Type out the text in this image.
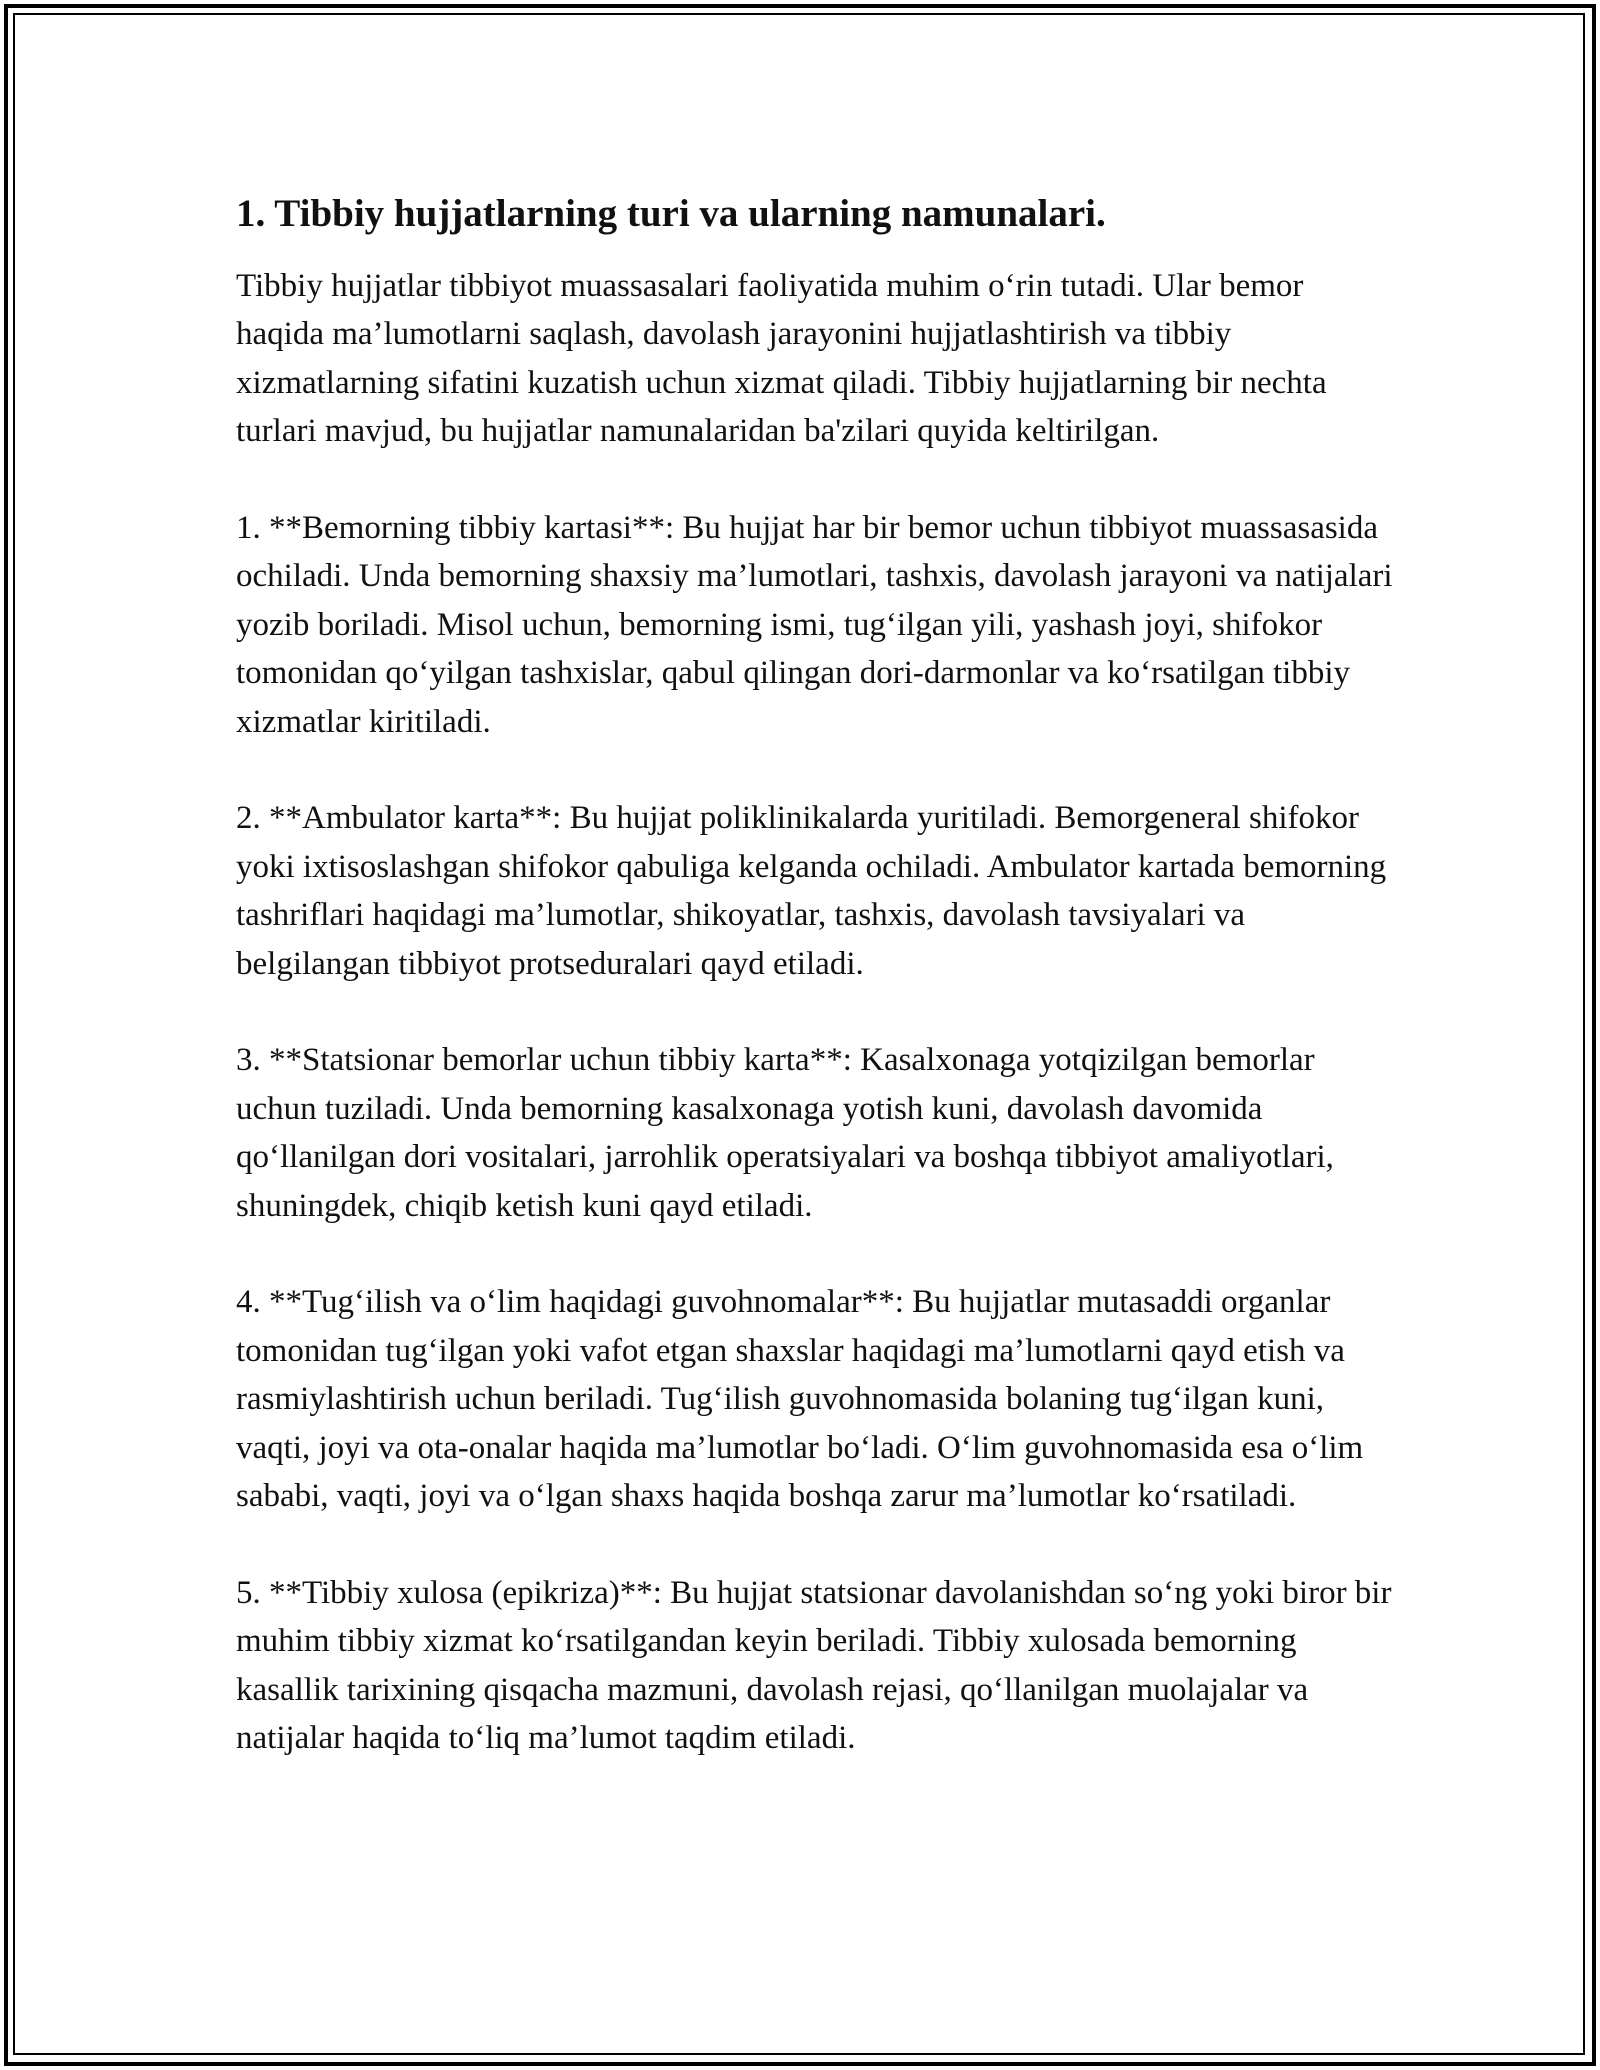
1. Tibbiy hujjatlarning turi va ularning namunalari.

Tibbiy hujjatlar tibbiyot muassasalari faoliyatida muhim o‘rin tutadi. Ular bemor haqida ma’lumotlarni saqlash, davolash jarayonini hujjatlashtirish va tibbiy xizmatlarning sifatini kuzatish uchun xizmat qiladi. Tibbiy hujjatlarning bir nechta turlari mavjud, bu hujjatlar namunalaridan ba'zilari quyida keltirilgan.

1. **Bemorning tibbiy kartasi**: Bu hujjat har bir bemor uchun tibbiyot muassasasida ochiladi. Unda bemorning shaxsiy ma’lumotlari, tashxis, davolash jarayoni va natijalari yozib boriladi. Misol uchun, bemorning ismi, tug‘ilgan yili, yashash joyi, shifokor tomonidan qo‘yilgan tashxislar, qabul qilingan dori-darmonlar va ko‘rsatilgan tibbiy xizmatlar kiritiladi.

2. **Ambulator karta**: Bu hujjat poliklinikalarda yuritiladi. Bemorgeneral shifokor yoki ixtisoslashgan shifokor qabuliga kelganda ochiladi. Ambulator kartada bemorning tashriflari haqidagi ma’lumotlar, shikoyatlar, tashxis, davolash tavsiyalari va belgilangan tibbiyot protseduralari qayd etiladi.

3. **Statsionar bemorlar uchun tibbiy karta**: Kasalxonaga yotqizilgan bemorlar uchun tuziladi. Unda bemorning kasalxonaga yotish kuni, davolash davomida qo‘llanilgan dori vositalari, jarrohlik operatsiyalari va boshqa tibbiyot amaliyotlari, shuningdek, chiqib ketish kuni qayd etiladi.

4. **Tug‘ilish va o‘lim haqidagi guvohnomalar**: Bu hujjatlar mutasaddi organlar tomonidan tug‘ilgan yoki vafot etgan shaxslar haqidagi ma’lumotlarni qayd etish va rasmiylashtirish uchun beriladi. Tug‘ilish guvohnomasida bolaning tug‘ilgan kuni, vaqti, joyi va ota-onalar haqida ma’lumotlar bo‘ladi. O‘lim guvohnomasida esa o‘lim sababi, vaqti, joyi va o‘lgan shaxs haqida boshqa zarur ma’lumotlar ko‘rsatiladi.

5. **Tibbiy xulosa (epikriza)**: Bu hujjat statsionar davolanishdan so‘ng yoki biror bir muhim tibbiy xizmat ko‘rsatilgandan keyin beriladi. Tibbiy xulosada bemorning kasallik tarixining qisqacha mazmuni, davolash rejasi, qo‘llanilgan muolajalar va natijalar haqida to‘liq ma’lumot taqdim etiladi.
